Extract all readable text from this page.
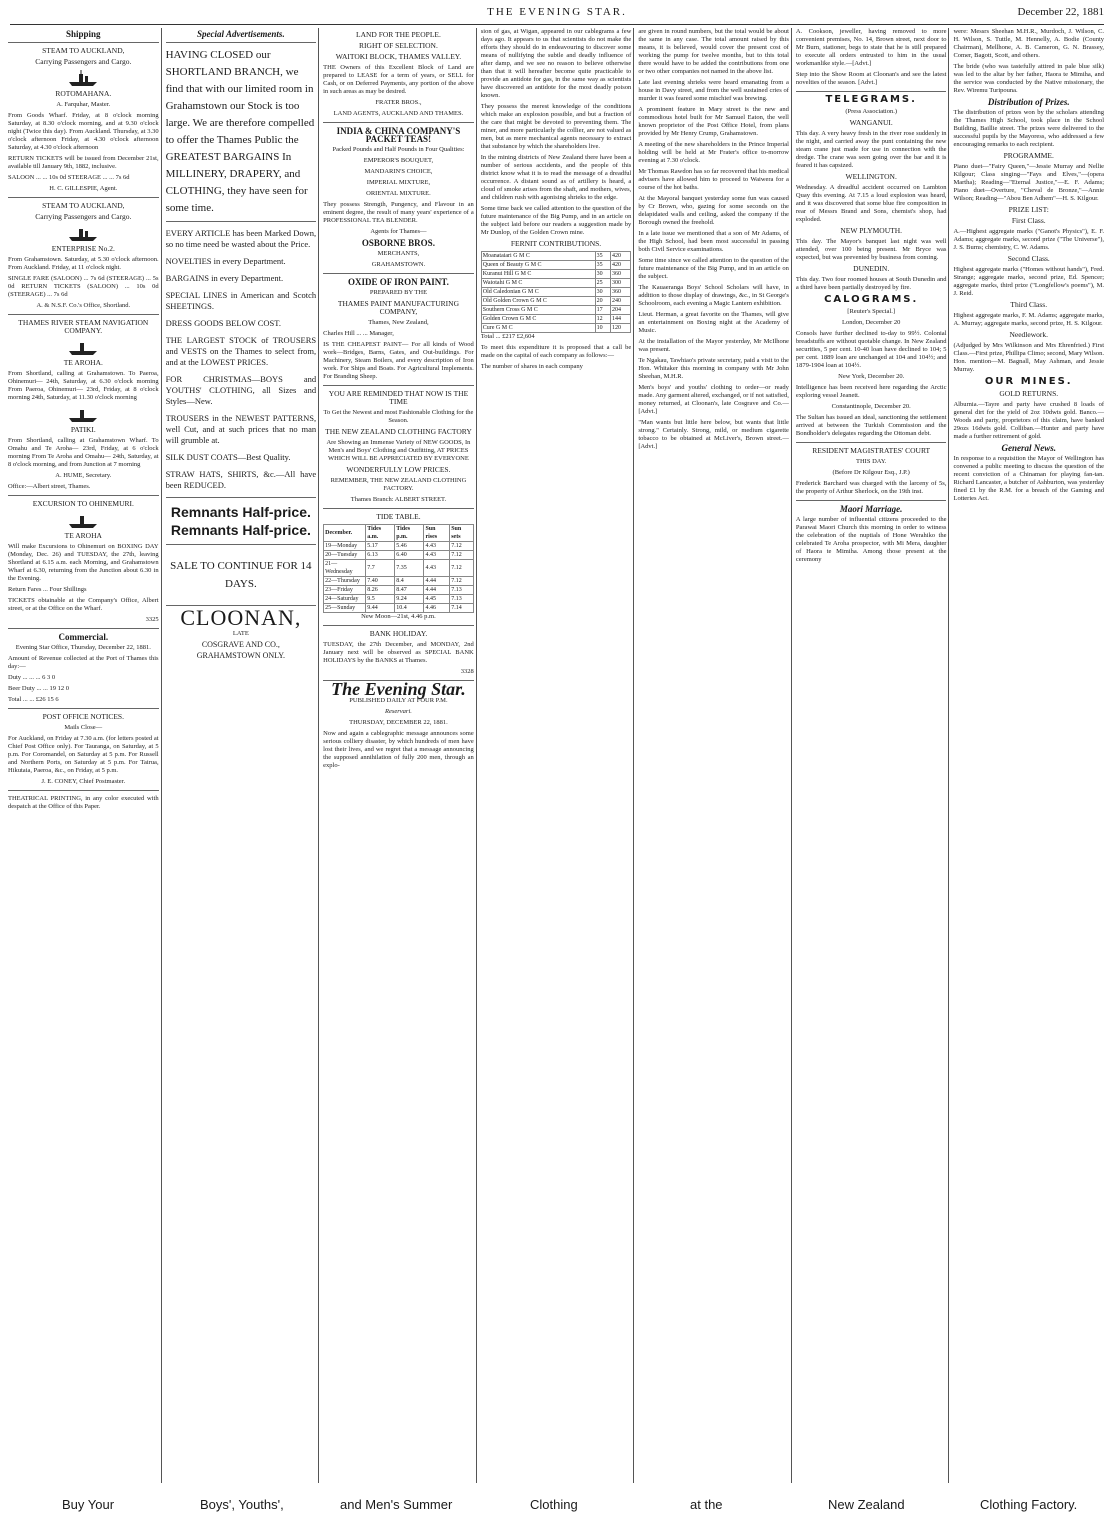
THE EVENING STAR.	December 22, 1881
Shipping
STEAM TO AUCKLAND,
Carrying Passengers and Cargo.
ROTOMAHANA.

A. Farquhar, Master.

From Goods Wharf. Friday, at 8 o'clock morning Saturday, at 8.30 o'clock morning, and at 9.30 o'clock night (Twice this day). From Auckland. Thursday, at 3.30 o'clock afternoon Friday, at 4.30 o'clock afternoon Saturday, at 4.30 o'clock afternoon

RETURN TICKETS will be issued from December 21st, available till January 9th, 1882, inclusive.

SALOON ... ... 10s 0d STEERAGE ... ... 7s 6d

H. C. GILLESPIE, Agent.

STEAM TO AUCKLAND,
Carrying Passengers and Cargo.
ENTERPRISE No.2.

From Grahamstown. Saturday, at 5.30 o'clock afternoon. From Auckland. Friday, at 11 o'clock night.

SINGLE FARE (SALOON) ... 7s 6d (STEERAGE) ... 5s 0d RETURN TICKETS (SALOON) ... 10s 0d (STEERAGE) ... 7s 6d

A. & N.S.F. Co.'s Office, Shortland.

THAMES RIVER STEAM NAVIGATION COMPANY.
TE AROHA.

From Shortland, calling at Grahamstown. To Paeroa, Ohinemuri— 24th, Saturday, at 6.30 o'clock morning From Paeroa, Ohinemuri— 23rd, Friday, at 8 o'clock morning 24th, Saturday, at 11.30 o'clock morning

PATIKI.

From Shortland, calling at Grahamstown Wharf. To Omahu and Te Aroha— 23rd, Friday, at 6 o'clock morning From Te Aroha and Omahu— 24th, Saturday, at 8 o'clock morning, and from Junction at 7 morning

A. HUME, Secretary.

Office:—Albert street, Thames.

EXCURSION TO OHINEMURI.
TE AROHA

Will make Excursions to Ohinemuri on BOXING DAY (Monday, Dec. 26) and TUESDAY, the 27th, leaving Shortland at 6.15 a.m. each Morning, and Grahamstown Wharf at 6.30, returning from the Junction about 6.30 in the Evening.

Return Fares ... Four Shillings

TICKETS obtainable at the Company's Office, Albert street, or at the Office on the Wharf.

3325

Commercial.

Evening Star Office, Thursday, December 22, 1881.

Amount of Revenue collected at the Port of Thames this day:—

Duty ... ... ... 6 3 0

Beer Duty ... ... 19 12 0

Total ... ... £26 15 6

POST OFFICE NOTICES.

Mails Close—

For Auckland, on Friday at 7.30 a.m. (for letters posted at Chief Post Office only). For Tauranga, on Saturday, at 5 p.m. For Coromandel, on Saturday at 5 p.m. For Russell and Northern Ports, on Saturday at 5 p.m. For Tairua, Hikutaia, Paeroa, &c., on Friday, at 5 p.m.

J. E. CONEY, Chief Postmaster.

THEATRICAL PRINTING, in any color executed with despatch at the Office of this Paper.

Special Advertisements.

HAVING CLOSED our SHORTLAND BRANCH, we find that with our limited room in Grahamstown our Stock is too large. We are therefore compelled to offer the Thames Public the GREATEST BARGAINS In MILLINERY, DRAPERY, and CLOTHING, they have seen for some time.

EVERY ARTICLE has been Marked Down, so no time need be wasted about the Price.

NOVELTIES in every Department.

BARGAINS in every Department.

SPECIAL LINES in American and Scotch SHEETINGS.

DRESS GOODS BELOW COST.

THE LARGEST STOCK of TROUSERS and VESTS on the Thames to select from, and at the LOWEST PRICES.

FOR CHRISTMAS—BOYS and YOUTHS' CLOTHING, all Sizes and Styles—New.

TROUSERS in the NEWEST PATTERNS, well Cut, and at such prices that no man will grumble at.

SILK DUST COATS—Best Quality.

STRAW HATS, SHIRTS, &c.—All have been REDUCED.

Remnants Half-price.
Remnants Half-price.

SALE TO CONTINUE FOR 14 DAYS.

CLOONAN,

LATE

COSGRAVE AND CO.,

GRAHAMSTOWN ONLY.

LAND FOR THE PEOPLE.
RIGHT OF SELECTION.
WAITOKI BLOCK, THAMES VALLEY.

THE Owners of this Excellent Block of Land are prepared to LEASE for a term of years, or SELL for Cash, or on Deferred Payments, any portion of the above in such areas as may be desired.

FRATER BROS.,

LAND AGENTS, AUCKLAND AND THAMES.

INDIA & CHINA COMPANY'S PACKET TEAS!

Packed Pounds and Half Pounds in Four Qualities:

EMPEROR'S BOUQUET,

MANDARIN'S CHOICE,

IMPERIAL MIXTURE,

ORIENTAL MIXTURE.

They possess Strength, Pungency, and Flavour in an eminent degree, the result of many years' experience of a PROFESSIONAL TEA BLENDER.

Agents for Thames—

OSBORNE BROS.

MERCHANTS,

GRAHAMSTOWN.

OXIDE OF IRON PAINT.

PREPARED BY THE

THAMES PAINT MANUFACTURING COMPANY,

Thames, New Zealand,

Charles Hill ... ... Manager,

IS THE CHEAPEST PAINT— For all kinds of Wood work—Bridges, Barns, Gates, and Out-buildings. For Machinery, Steam Boilers, and every description of Iron work. For Ships and Boats. For Agricultural Implements. For Branding Sheep.

YOU ARE REMINDED THAT NOW IS THE TIME

To Get the Newest and most Fashionable Clothing for the Season.

THE NEW ZEALAND CLOTHING FACTORY

Are Showing an Immense Variety of NEW GOODS, In Men's and Boys' Clothing and Outfitting, AT PRICES WHICH WILL BE APPRECIATED BY EVERYONE

WONDERFULLY LOW PRICES.

REMEMBER, THE NEW ZEALAND CLOTHING FACTORY.

Thames Branch: ALBERT STREET.

TIDE TABLE.
December.	Tides a.m.	Tides p.m.	Sun rises	Sun sets
19—Monday	5.17	5.46	4.43	7.12
20—Tuesday	6.13	6.40	4.43	7.12
21—Wednesday	7.7	7.35	4.43	7.12
22—Thursday	7.40	8.4	4.44	7.12
23—Friday	8.26	8.47	4.44	7.13
24—Saturday	9.5	9.24	4.45	7.13
25—Sunday	9.44	10.4	4.46	7.14

New Moon—21st, 4.46 p.m.

BANK HOLIDAY.

TUESDAY, the 27th December, and MONDAY, 2nd January next will be observed as SPECIAL BANK HOLIDAYS by the BANKS at Thames.

3328

The Evening Star.

PUBLISHED DAILY AT FOUR P.M.

Reservari.

THURSDAY, DECEMBER 22, 1881.

Now and again a cablegraphic message announces some serious colliery disaster, by which hundreds of men have lost their lives, and we regret that a message announcing the supposed annihilation of fully 200 men, through an explo-

sion of gas, at Wigan, appeared in our cablegrams a few days ago. It appears to us that scientists do not make the efforts they should do in endeavouring to discover some means of nullifying the subtle and deadly influence of after damp, and we see no reason to believe otherwise than that it will hereafter become quite practicable to provide an antidote for gas, in the same way as scientists have discovered an antidote for the most deadly poison known.

They possess the merest knowledge of the conditions which make an explosion possible, and but a fraction of the care that might be devoted to preventing them. The miner, and more particularly the collier, are not valued as men, but as mere mechanical agents necessary to extract that substance by which the shareholders live.

In the mining districts of New Zealand there have been a number of serious accidents, and the people of this district know what it is to read the message of a dreadful occurrence. A distant sound as of artillery is heard, a cloud of smoke arises from the shaft, and mothers, wives, and children rush with agonising shrieks to the edge.

Some time back we called attention to the question of the future maintenance of the Big Pump, and in an article on the subject laid before our readers a suggestion made by Mr Dunlop, of the Golden Crown mine.

FERNIT CONTRIBUTIONS.
Moanataiari G M C	35	420
Queen of Beauty G M C	35	420
Kuranui Hill G M C	30	360
Waiotahi G M C	25	300
Old Caledonian G M C	30	360
Old Golden Crown G M C	20	240
Southern Cross G M C	17	204
Golden Crown G M C	12	144
Cure G M C	10	120

Total ... £217 £2,604

To meet this expenditure it is proposed that a call be made on the capital of each company as follows:—

The number of shares in each company

are given in round numbers, but the total would be about the same in any case. The total amount raised by this means, it is believed, would cover the present cost of working the pump for twelve months, but to this total there would have to be added the contributions from one or two other companies not named in the above list.

Late last evening shrieks were heard emanating from a house in Davy street, and from the well sustained cries of murder it was feared some mischief was brewing.

A prominent feature in Mary street is the new and commodious hotel built for Mr Samuel Eaton, the well known proprietor of the Post Office Hotel, from plans provided by Mr Henry Crump, Grahamstown.

A meeting of the new shareholders in the Prince Imperial holding will be held at Mr Frater's office to-morrow evening at 7.30 o'clock.

Mr Thomas Rawdon has so far recovered that his medical advisers have allowed him to proceed to Waiwera for a course of the hot baths.

At the Mayoral banquet yesterday some fun was caused by Cr Brown, who, gazing for some seconds on the delapidated walls and ceiling, asked the company if the Borough owned the freehold.

In a late issue we mentioned that a son of Mr Adams, of the High School, had been most successful in passing both Civil Service examinations.

Some time since we called attention to the question of the future maintenance of the Big Pump, and in an article on the subject.

The Kauaeranga Boys' School Scholars will have, in addition to those display of drawings, &c., in St George's Schoolroom, each evening a Magic Lantern exhibition.

Lieut. Herman, a great favorite on the Thames, will give an entertainment on Boxing night at the Academy of Music.

At the installation of the Mayor yesterday, Mr McIlhone was present.

Te Ngakau, Tawhiao's private secretary, paid a visit to the Hon. Whitaker this morning in company with Mr John Sheehan, M.H.R.

Men's boys' and youths' clothing to order—or ready made. Any garment altered, exchanged, or if not satisfied, money returned, at Cloonan's, late Cosgrave and Co.—[Advt.]

"Man wants but little here below, but wants that little strong." Certainly. Strong, mild, or medium cigarette tobacco to be obtained at McLiver's, Brown street.—[Advt.]

A. Cookson, jeweller, having removed to more convenient premises, No. 14, Brown street, next door to Mr Burn, stationer, begs to state that he is still prepared to execute all orders entrusted to him in the usual workmanlike style.—[Advt.]

Step into the Show Room at Cloonan's and see the latest novelties of the season. [Advt.]

TELEGRAMS.

(Press Association.)

WANGANUI.

This day. A very heavy fresh in the river rose suddenly in the night, and carried away the punt containing the new steam crane just made for use in connection with the dredge. The crane was seen going over the bar and it is feared it has capsized.

WELLINGTON.

Wednesday. A dreadful accident occurred on Lambton Quay this evening. At 7.15 a loud explosion was heard, and it was discovered that some blue fire composition in rear of Messrs Brand and Sons, chemist's shop, had exploded.

NEW PLYMOUTH.

This day. The Mayor's banquet last night was well attended, over 100 being present. Mr Bryce was expected, but was prevented by business from coming.

DUNEDIN.

This day. Two four roomed houses at South Dunedin and a third have been partially destroyed by fire.

CALOGRAMS.

[Reuter's Special.]

London, December 20

Consols have further declined to-day to 99½. Colonial breadstuffs are without quotable change. In New Zealand securities, 5 per cent. 10-40 loan have declined to 104; 5 per cent. 1889 loan are unchanged at 104 and 104½; and 1879-1904 loan at 104½.

New York, December 20.

Intelligence has been received here regarding the Arctic exploring vessel Jeanett.

Constantinople, December 20.

The Sultan has issued an ideal, sanctioning the settlement arrived at between the Turkish Commission and the Bondholder's delegates regarding the Ottoman debt.

RESIDENT MAGISTRATES' COURT

THIS DAY.

(Before Dr Kilgour Esq., J.P.)

Frederick Barchard was charged with the larceny of 5s, the property of Arthur Sherlock, on the 19th inst.

Maori Marriage.

A large number of influential citizens proceeded to the Parawai Maori Church this morning in order to witness the celebration of the nuptials of Hone Werahiko the celebrated Te Aroha prospector, with Mi Mera, daughter of Haora te Mimiha. Among those present at the ceremony

were: Messrs Sheehan M.H.R., Murdoch, J. Wilson, C. H. Wilson, S. Tuttle, M. Hennelly, A. Bodie (County Chairman), Mellhone, A. B. Cameron, G. N. Brassey, Comer, Bagott, Scott, and others.

The bride (who was tastefully attired in pale blue silk) was led to the altar by her father, Haora te Mimiha, and the service was conducted by the Native missionary, the Rev. Wiremu Turipouna.

Distribution of Prizes.

The distribution of prizes won by the scholars attending the Thames High School, took place in the School Building, Baillie street. The prizes were delivered to the successful pupils by the Mayoress, who addressed a few encouraging remarks to each recipient.

PROGRAMME.

Piano duet—"Fairy Queen,"—Jessie Murray and Nellie Kilgour; Class singing—"Fays and Elves,"—(opera Martha); Reading—"Eternal Justice,"—E. F. Adams; Piano duet—Overture, "Cheval de Bronze,"—Annie Wilson; Reading—"Abou Ben Adhem"—H. S. Kilgour.

PRIZE LIST:
First Class.

A.—Highest aggregate marks ("Ganot's Physics"), E. F. Adams; aggregate marks, second prize ("The Universe"), J. S. Burns; chemistry, C. W. Adams.

Second Class.

Highest aggregate marks ("Homes without hands"), Fred. Strange; aggregate marks, second prize, Ed. Spencer; aggregate marks, third prize ("Longfellow's poems"), M. J. Reid.

Third Class.

Highest aggregate marks, F. M. Adams; aggregate marks, A. Murray; aggregate marks, second prize, H. S. Kilgour.

Needlework.

(Adjudged by Mrs Wilkinson and Mrs Ehrenfried.) First Class.—First prize, Phillipa Climo; second, Mary Wilson. Hon. mention—M. Bagnall, May Ashman, and Jessie Murray.

OUR MINES.
GOLD RETURNS.

Alburnia.—Tayre and party have crushed 8 loads of general dirt for the yield of 2oz 10dwts gold. Banco.—Woods and party, proprietors of this claim, have banked 29ozs 16dwts gold. Colliban.—Hunter and party have made a further retirement of gold.

General News.

In response to a requisition the Mayor of Wellington has convened a public meeting to discuss the question of the recent conviction of a Chinaman for playing fan-tan. Richard Lancaster, a butcher of Ashburton, was yesterday fined £1 by the R.M. for a breach of the Gaming and Lotteries Act.

Buy Your	Boys', Youths',	and Men's Summer	Clothing	at the	New Zealand	Clothing Factory.
